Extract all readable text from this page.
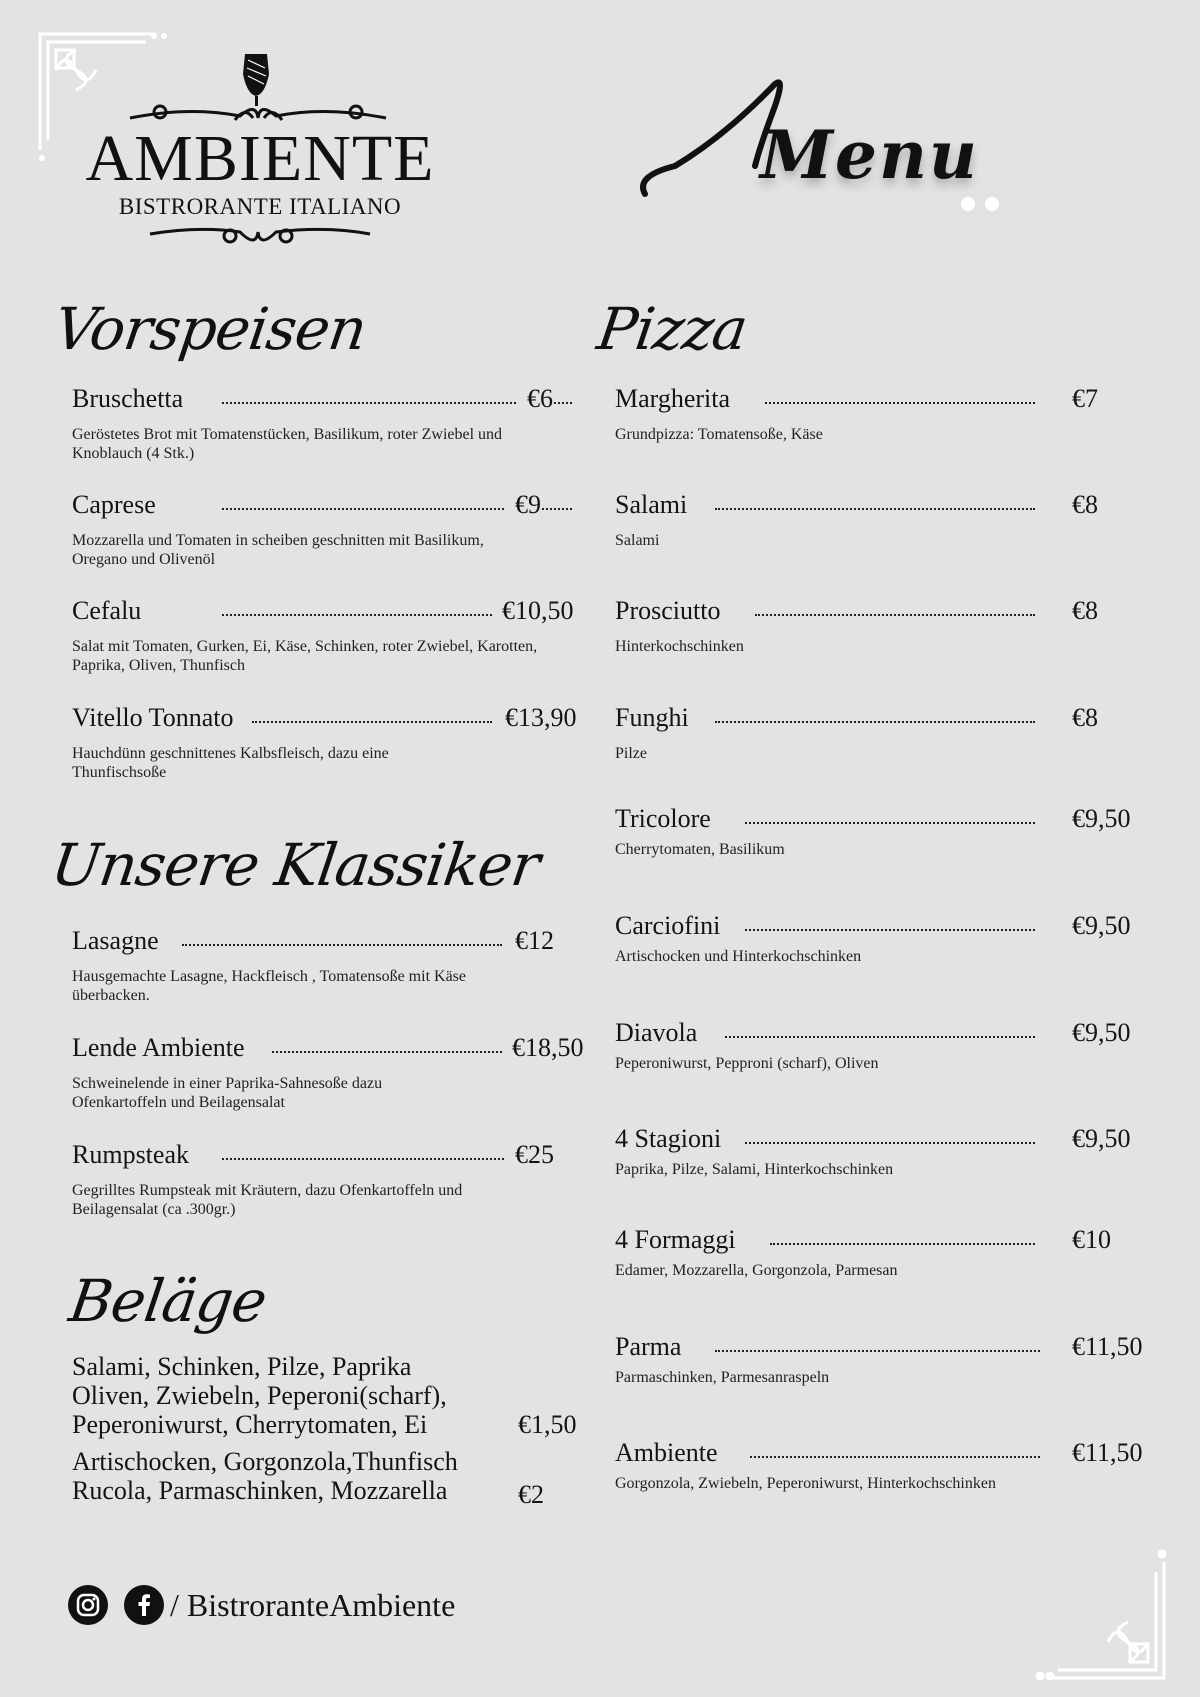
AMBIENTE
BISTRORANTE ITALIANO
Menu
Vorspeisen
Unsere Klassiker
Beläge
Pizza
Bruschetta	€6
Geröstetes Brot mit Tomatenstücken, Basilikum, roter Zwiebel und Knoblauch (4 Stk.)
Caprese	€9
Mozzarella und Tomaten in scheiben geschnitten mit Basilikum, Oregano und Olivenöl
Cefalu	€10,50
Salat mit Tomaten, Gurken, Ei, Käse, Schinken, roter Zwiebel, Karotten, Paprika, Oliven, Thunfisch
Vitello Tonnato	€13,90
Hauchdünn geschnittenes Kalbsfleisch, dazu eine Thunfischsoße
Lasagne	€12
Hausgemachte Lasagne, Hackfleisch , Tomatensoße mit Käse überbacken.
Lende Ambiente	€18,50
Schweinelende in einer Paprika-Sahnesoße dazu Ofenkartoffeln und Beilagensalat
Rumpsteak	€25
Gegrilltes Rumpsteak mit Kräutern, dazu Ofenkartoffeln und Beilagensalat (ca .300gr.)
Salami, Schinken, Pilze, Paprika
Oliven, Zwiebeln, Peperoni(scharf),
Peperoniwurst, Cherrytomaten, Ei
Artischocken, Gorgonzola,Thunfisch
Rucola, Parmaschinken, Mozzarella
€1,50
€2
Margherita	€7
Grundpizza: Tomatensoße, Käse
Salami	€8
Salami
Prosciutto	€8
Hinterkochschinken
Funghi	€8
Pilze
Tricolore	€9,50
Cherrytomaten, Basilikum
Carciofini	€9,50
Artischocken und Hinterkochschinken
Diavola	€9,50
Peperoniwurst, Pepproni (scharf), Oliven
4 Stagioni	€9,50
Paprika, Pilze, Salami, Hinterkochschinken
4 Formaggi	€10
Edamer, Mozzarella, Gorgonzola, Parmesan
Parma	€11,50
Parmaschinken, Parmesanraspeln
Ambiente	€11,50
Gorgonzola, Zwiebeln, Peperoniwurst, Hinterkochschinken
/ BistroranteAmbiente
